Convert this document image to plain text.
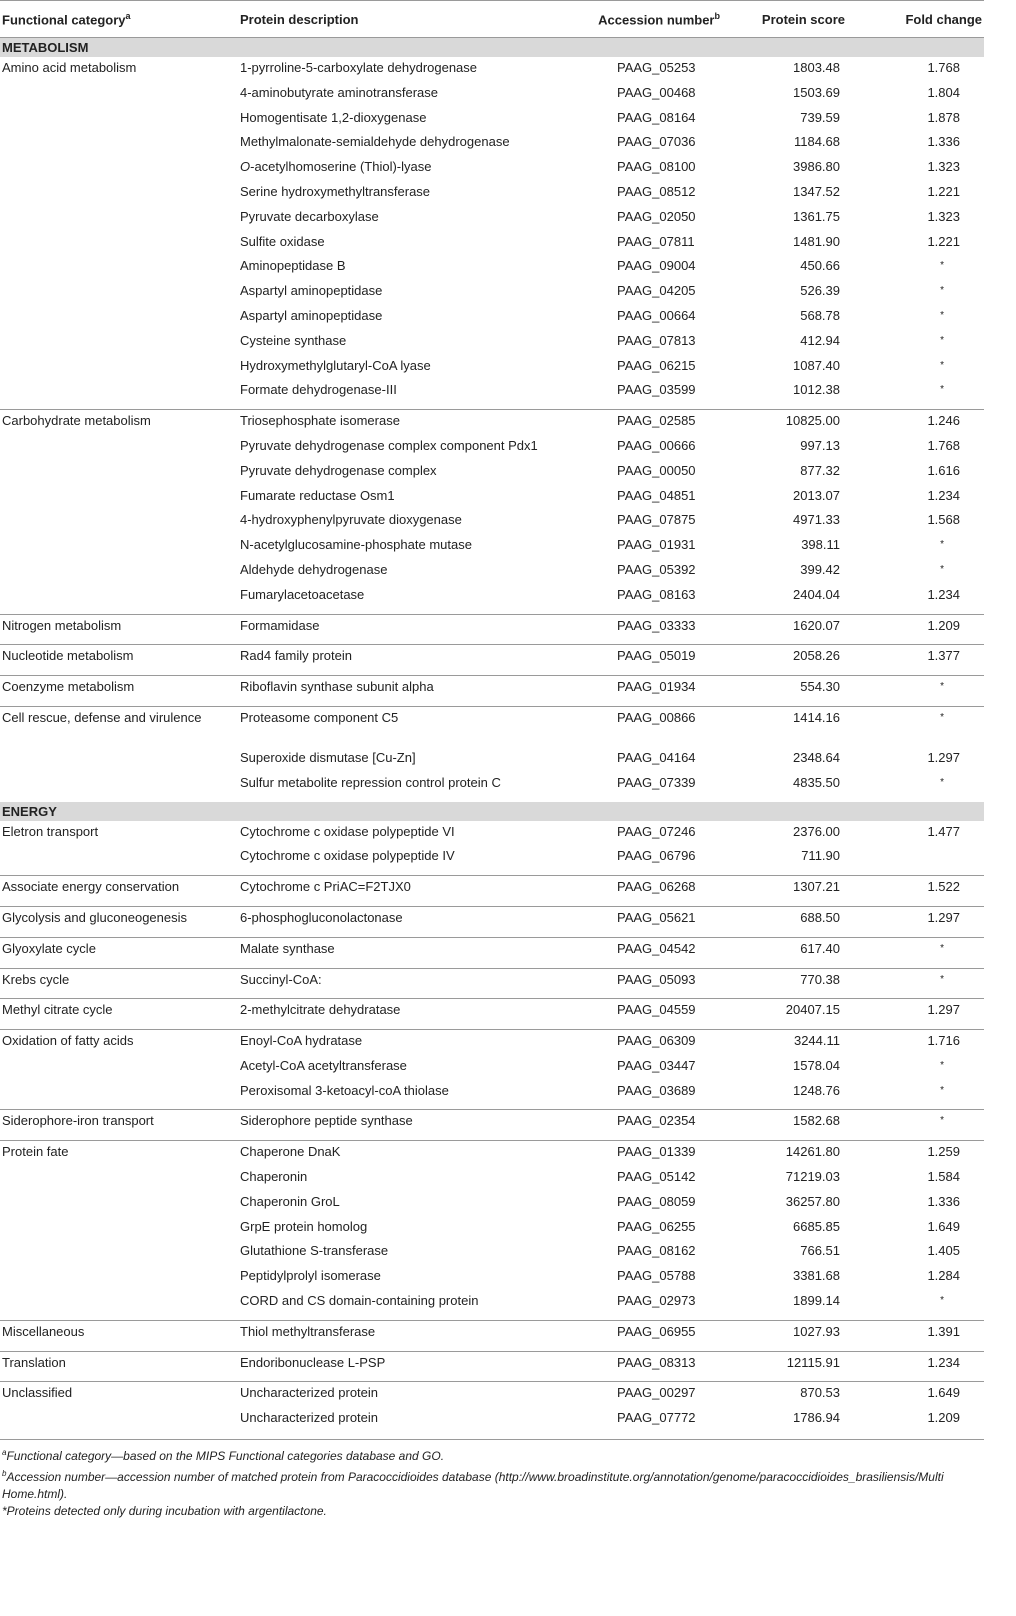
Functional category$^a$	Protein description	Accession number$^b$	Protein score	Fold change
METABOLISM				
Amino acid metabolism	1-pyrroline-5-carboxylate dehydrogenase	PAAG_05253	1803.48	1.768
	4-aminobutyrate aminotransferase	PAAG_00468	1503.69	1.804
	Homogentisate 1,2-dioxygenase	PAAG_08164	739.59	1.878
	Methylmalonate-semialdehyde dehydrogenase	PAAG_07036	1184.68	1.336
	O-acetylhomoserine (Thiol)-lyase	PAAG_08100	3986.80	1.323
	Serine hydroxymethyltransferase	PAAG_08512	1347.52	1.221
	Pyruvate decarboxylase	PAAG_02050	1361.75	1.323
	Sulfite oxidase	PAAG_07811	1481.90	1.221
	Aminopeptidase B	PAAG_09004	450.66	*
	Aspartyl aminopeptidase	PAAG_04205	526.39	*
	Aspartyl aminopeptidase	PAAG_00664	568.78	*
	Cysteine synthase	PAAG_07813	412.94	*
	Hydroxymethylglutaryl-CoA lyase	PAAG_06215	1087.40	*
	Formate dehydrogenase-III	PAAG_03599	1012.38	*

Carbohydrate metabolism	Triosephosphate isomerase	PAAG_02585	10825.00	1.246
	Pyruvate dehydrogenase complex component Pdx1	PAAG_00666	997.13	1.768
	Pyruvate dehydrogenase complex	PAAG_00050	877.32	1.616
	Fumarate reductase Osm1	PAAG_04851	2013.07	1.234
	4-hydroxyphenylpyruvate dioxygenase	PAAG_07875	4971.33	1.568
	N-acetylglucosamine-phosphate mutase	PAAG_01931	398.11	*
	Aldehyde dehydrogenase	PAAG_05392	399.42	*
	Fumarylacetoacetase	PAAG_08163	2404.04	1.234

Nitrogen metabolism	Formamidase	PAAG_03333	1620.07	1.209

Nucleotide metabolism	Rad4 family protein	PAAG_05019	2058.26	1.377

Coenzyme metabolism	Riboflavin synthase subunit alpha	PAAG_01934	554.30	*

Cell rescue, defense and virulence	Proteasome component C5	PAAG_00866	1414.16	*
	Superoxide dismutase [Cu-Zn]	PAAG_04164	2348.64	1.297
	Sulfur metabolite repression control protein C	PAAG_07339	4835.50	*

ENERGY				
Eletron transport	Cytochrome c oxidase polypeptide VI	PAAG_07246	2376.00	1.477
	Cytochrome c oxidase polypeptide IV	PAAG_06796	711.90	

Associate energy conservation	Cytochrome c PriAC=F2TJX0	PAAG_06268	1307.21	1.522

Glycolysis and gluconeogenesis	6-phosphogluconolactonase	PAAG_05621	688.50	1.297

Glyoxylate cycle	Malate synthase	PAAG_04542	617.40	*

Krebs cycle	Succinyl-CoA:	PAAG_05093	770.38	*

Methyl citrate cycle	2-methylcitrate dehydratase	PAAG_04559	20407.15	1.297

Oxidation of fatty acids	Enoyl-CoA hydratase	PAAG_06309	3244.11	1.716
	Acetyl-CoA acetyltransferase	PAAG_03447	1578.04	*
	Peroxisomal 3-ketoacyl-coA thiolase	PAAG_03689	1248.76	*

Siderophore-iron transport	Siderophore peptide synthase	PAAG_02354	1582.68	*

Protein fate	Chaperone DnaK	PAAG_01339	14261.80	1.259
	Chaperonin	PAAG_05142	71219.03	1.584
	Chaperonin GroL	PAAG_08059	36257.80	1.336
	GrpE protein homolog	PAAG_06255	6685.85	1.649
	Glutathione S-transferase	PAAG_08162	766.51	1.405
	Peptidylprolyl isomerase	PAAG_05788	3381.68	1.284
	CORD and CS domain-containing protein	PAAG_02973	1899.14	*

Miscellaneous	Thiol methyltransferase	PAAG_06955	1027.93	1.391

Translation	Endoribonuclease L-PSP	PAAG_08313	12115.91	1.234

Unclassified	Uncharacterized protein	PAAG_00297	870.53	1.649
	Uncharacterized protein	PAAG_07772	1786.94	1.209

$^a$Functional category—based on the MIPS Functional categories database and GO.

$^b$Accession number—accession number of matched protein from Paracoccidioides database (http://www.broadinstitute.org/annotation/genome/paracoccidioides_brasiliensis/Multi Home.html).

*Proteins detected only during incubation with argentilactone.
